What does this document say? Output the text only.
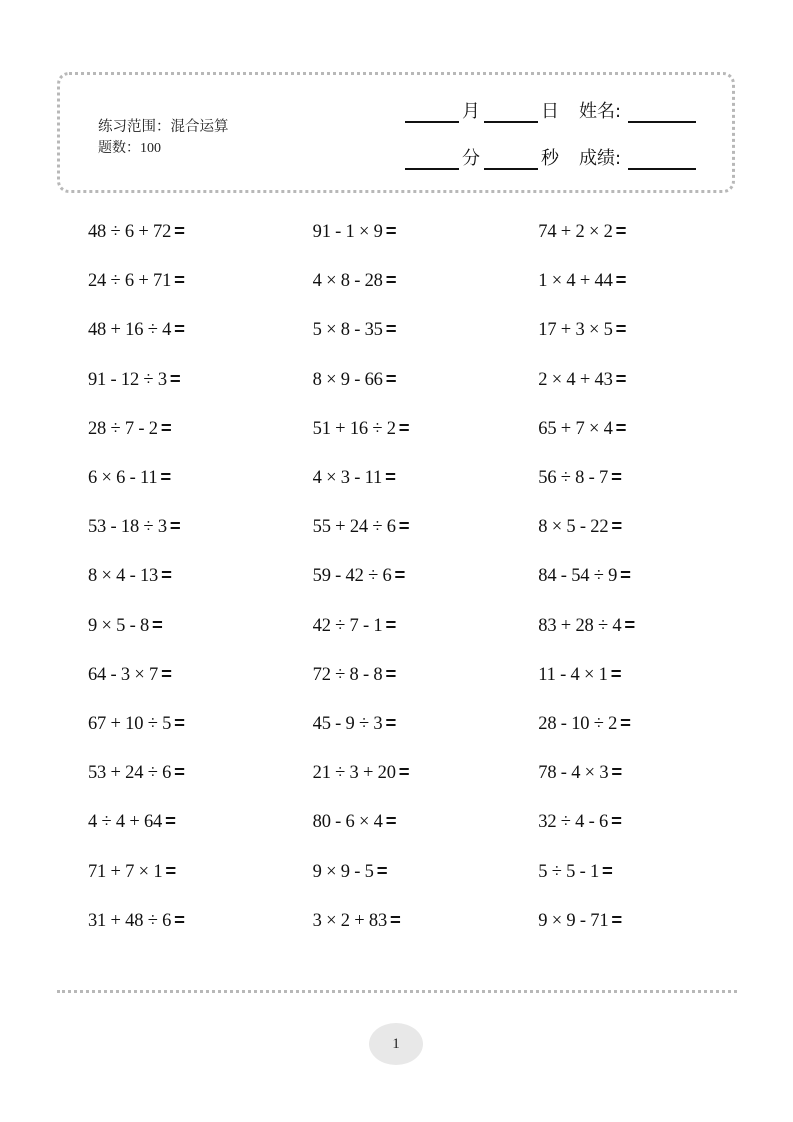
练习范围：混合运算
题数：100
月	日 姓名:
分	秒 成绩:
48 ÷ 6 + 72 =	91 - 1 × 9 =	74 + 2 × 2 =
24 ÷ 6 + 71 =	4 × 8 - 28 =	1 × 4 + 44 =
48 + 16 ÷ 4 =	5 × 8 - 35 =	17 + 3 × 5 =
91 - 12 ÷ 3 =	8 × 9 - 66 =	2 × 4 + 43 =
28 ÷ 7 - 2 =	51 + 16 ÷ 2 =	65 + 7 × 4 =
6 × 6 - 11 =	4 × 3 - 11 =	56 ÷ 8 - 7 =
53 - 18 ÷ 3 =	55 + 24 ÷ 6 =	8 × 5 - 22 =
8 × 4 - 13 =	59 - 42 ÷ 6 =	84 - 54 ÷ 9 =
9 × 5 - 8 =	42 ÷ 7 - 1 =	83 + 28 ÷ 4 =
64 - 3 × 7 =	72 ÷ 8 - 8 =	11 - 4 × 1 =
67 + 10 ÷ 5 =	45 - 9 ÷ 3 =	28 - 10 ÷ 2 =
53 + 24 ÷ 6 =	21 ÷ 3 + 20 =	78 - 4 × 3 =
4 ÷ 4 + 64 =	80 - 6 × 4 =	32 ÷ 4 - 6 =
71 + 7 × 1 =	9 × 9 - 5 =	5 ÷ 5 - 1 =
31 + 48 ÷ 6 =	3 × 2 + 83 =	9 × 9 - 71 =
1
